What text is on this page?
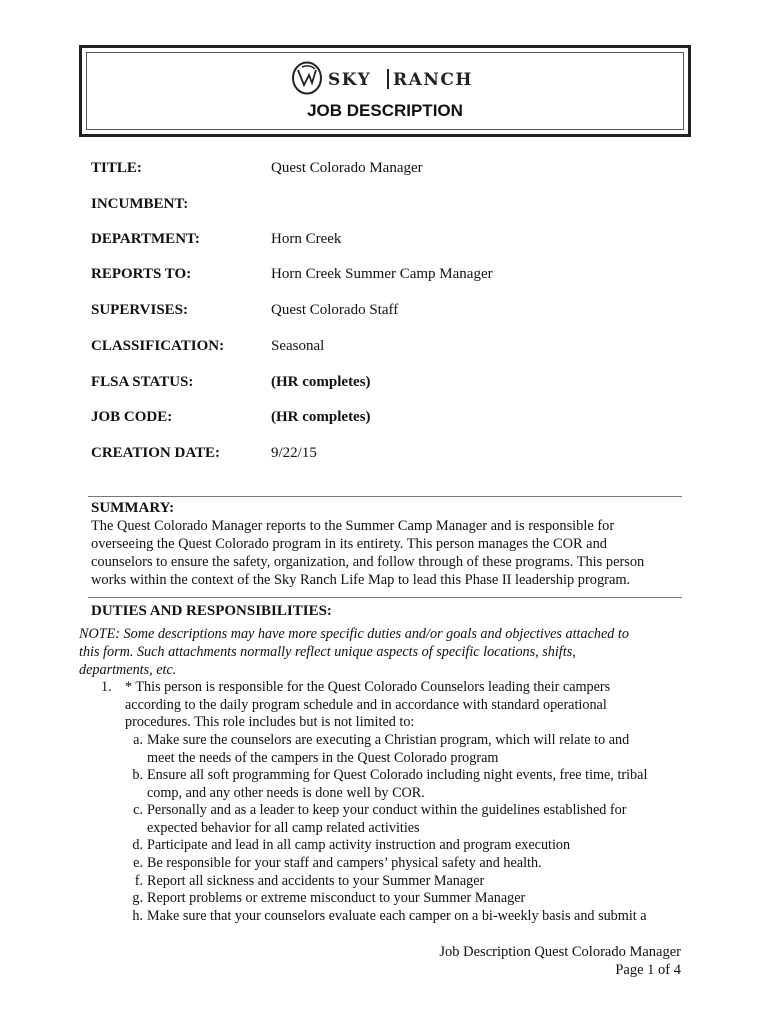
SKY RANCH
JOB DESCRIPTION
TITLE:	Quest Colorado Manager
INCUMBENT:
DEPARTMENT:	Horn Creek
REPORTS TO:	Horn Creek Summer Camp Manager
SUPERVISES:	Quest Colorado Staff
CLASSIFICATION:	Seasonal
FLSA STATUS:	(HR completes)
JOB CODE:	(HR completes)
CREATION DATE:	9/22/15
SUMMARY:
The Quest Colorado Manager reports to the Summer Camp Manager and is responsible for
overseeing the Quest Colorado program in its entirety. This person manages the COR and
counselors to ensure the safety, organization, and follow through of these programs. This person
works within the context of the Sky Ranch Life Map to lead this Phase II leadership program.
DUTIES AND RESPONSIBILITIES:
NOTE: Some descriptions may have more specific duties and/or goals and objectives attached to
this form. Such attachments normally reflect unique aspects of specific locations, shifts,
departments, etc.
1. * This person is responsible for the Quest Colorado Counselors leading their campers
according to the daily program schedule and in accordance with standard operational
procedures. This role includes but is not limited to:
a. Make sure the counselors are executing a Christian program, which will relate to and
meet the needs of the campers in the Quest Colorado program
b. Ensure all soft programming for Quest Colorado including night events, free time, tribal
comp, and any other needs is done well by COR.
c. Personally and as a leader to keep your conduct within the guidelines established for
expected behavior for all camp related activities
d. Participate and lead in all camp activity instruction and program execution
e. Be responsible for your staff and campers’ physical safety and health.
f. Report all sickness and accidents to your Summer Manager
g. Report problems or extreme misconduct to your Summer Manager
h. Make sure that your counselors evaluate each camper on a bi-weekly basis and submit a
Job Description Quest Colorado Manager
Page 1 of 4
